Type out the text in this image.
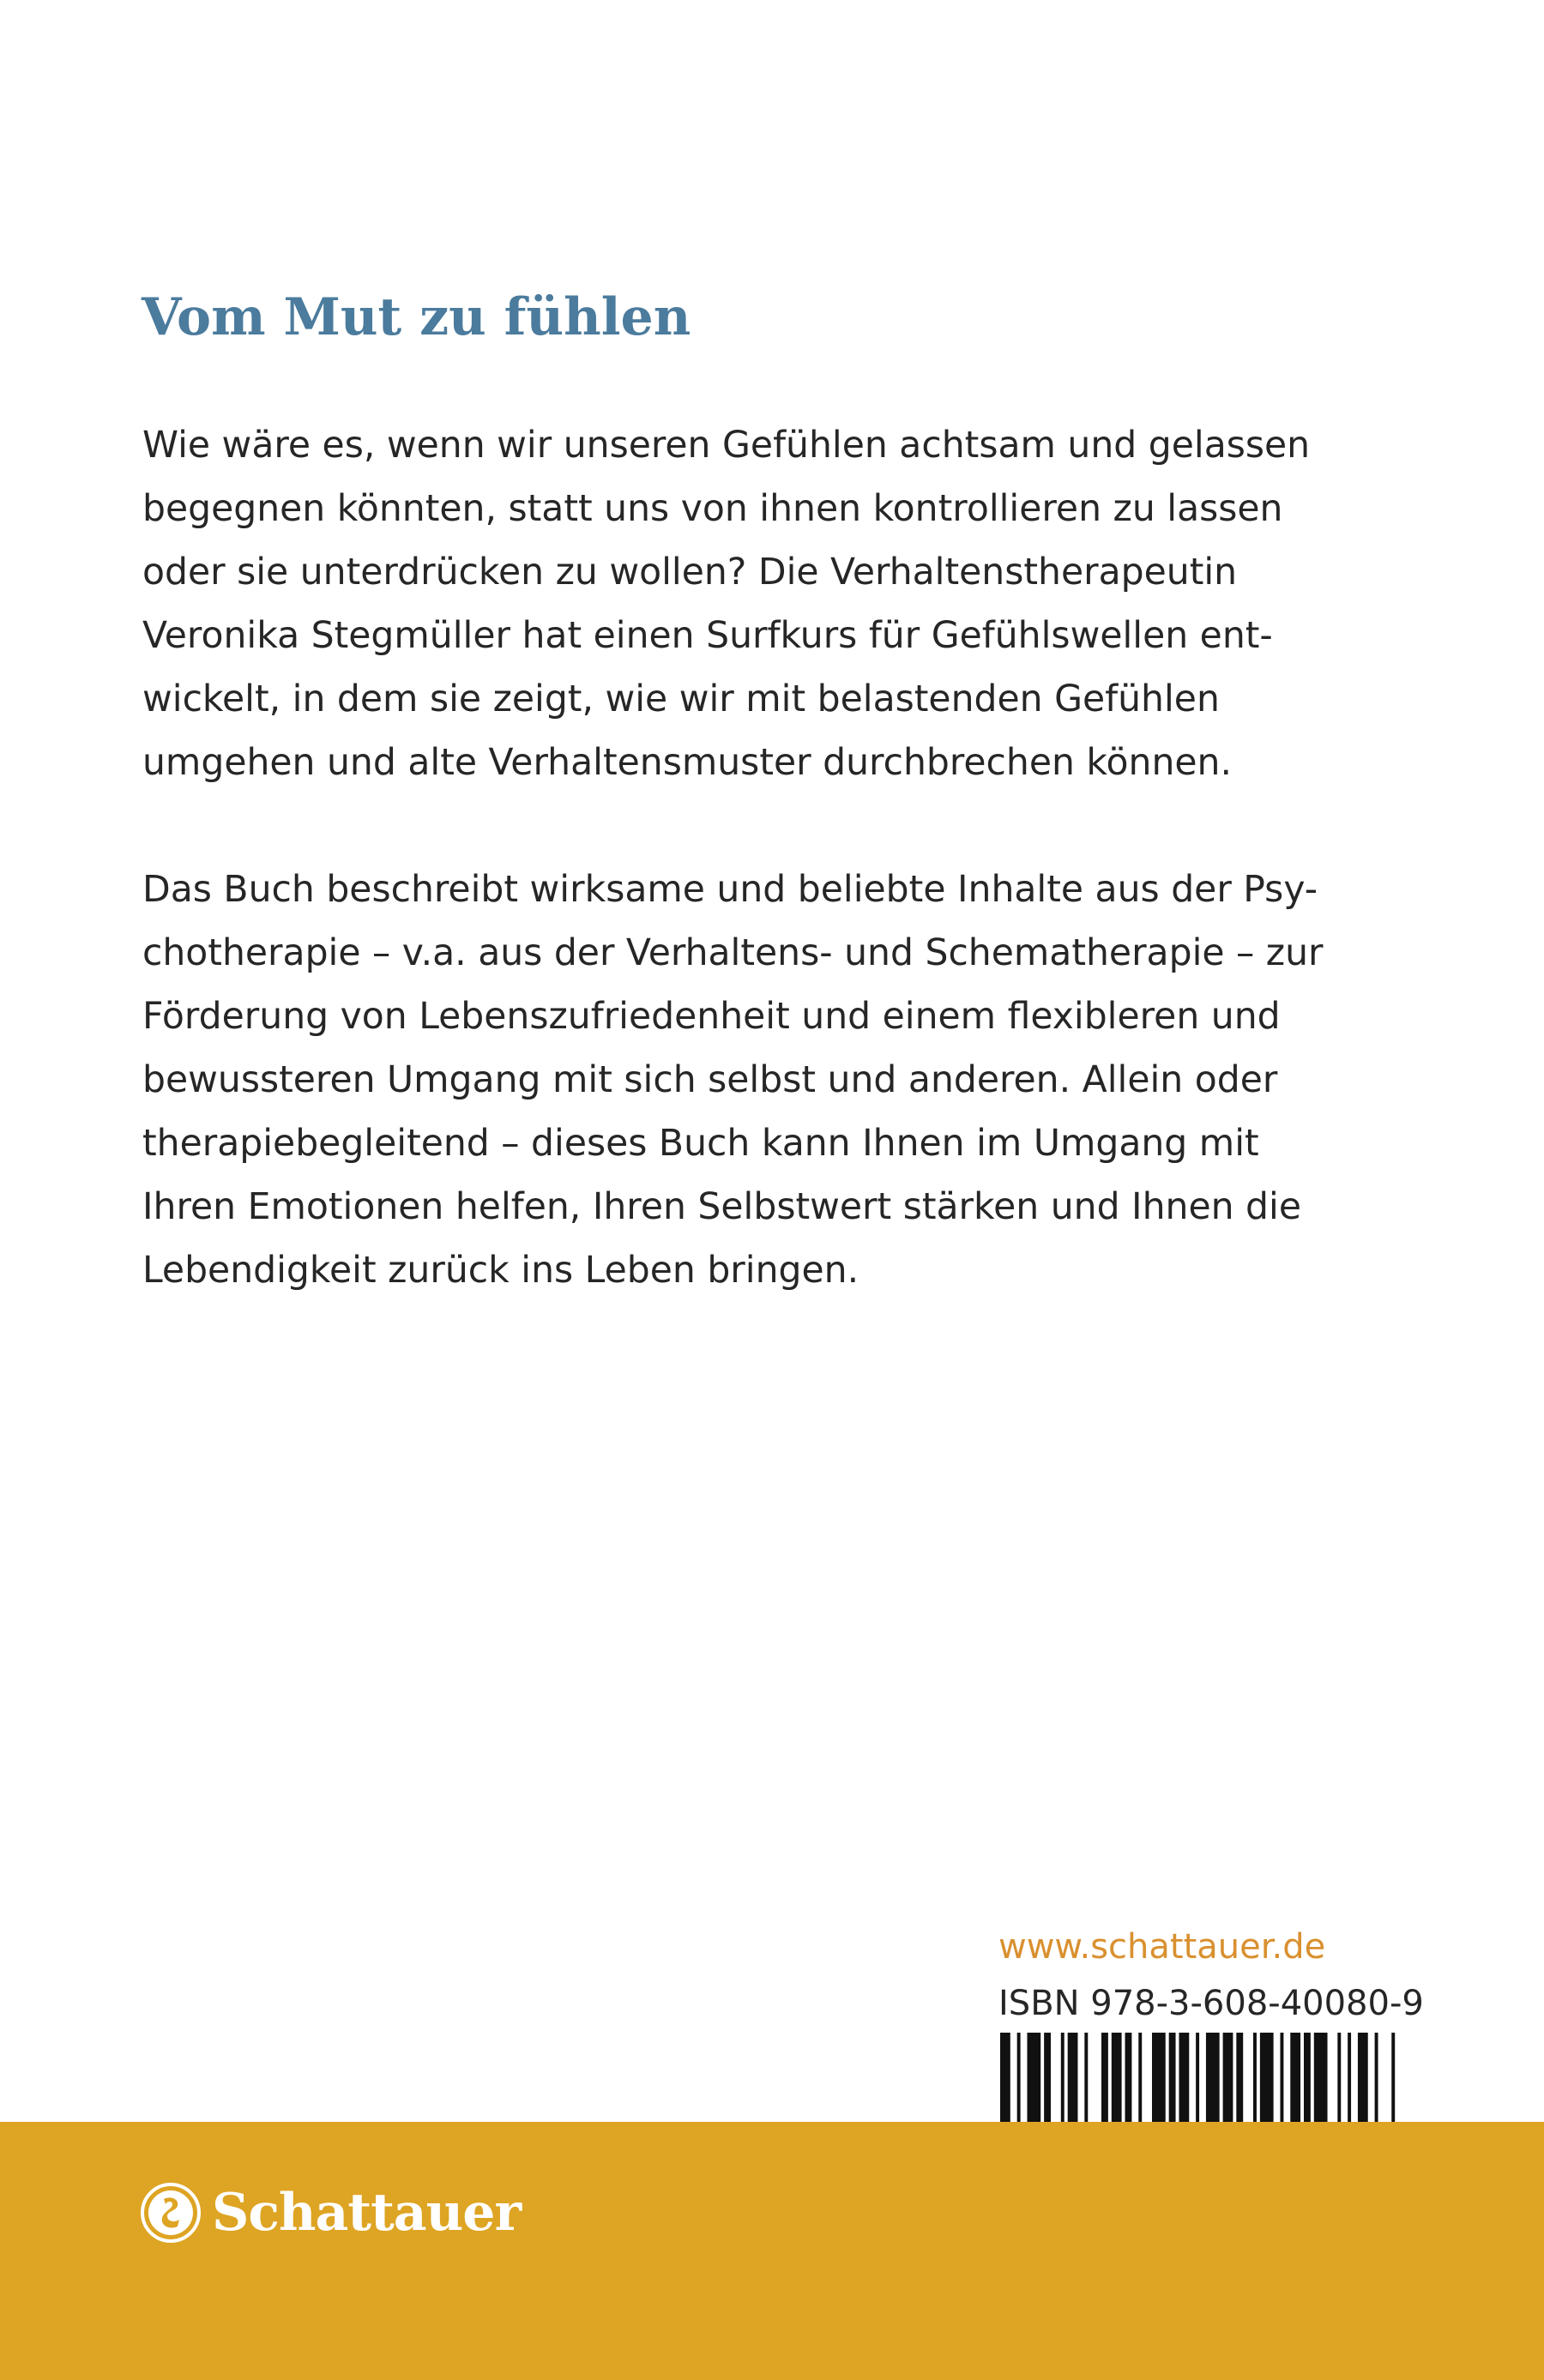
Vom Mut zu fühlen
Wie wäre es, wenn wir unseren Gefühlen achtsam und gelassen
begegnen könnten, statt uns von ihnen kontrollieren zu lassen
oder sie unterdrücken zu wollen? Die Verhaltenstherapeutin
Veronika Stegmüller hat einen Surfkurs für Gefühlswellen ent-
wickelt, in dem sie zeigt, wie wir mit belastenden Gefühlen
umgehen und alte Verhaltensmuster durchbrechen können.
Das Buch beschreibt wirksame und beliebte Inhalte aus der Psy-
chotherapie – v.a. aus der Verhaltens- und Schematherapie – zur
Förderung von Lebenszufriedenheit und einem flexibleren und
bewussteren Umgang mit sich selbst und anderen. Allein oder
therapiebegleitend – dieses Buch kann Ihnen im Umgang mit
Ihren Emotionen helfen, Ihren Selbstwert stärken und Ihnen die
Lebendigkeit zurück ins Leben bringen.
www.schattauer.de
ISBN 978-3-608-40080-9
Schattauer
